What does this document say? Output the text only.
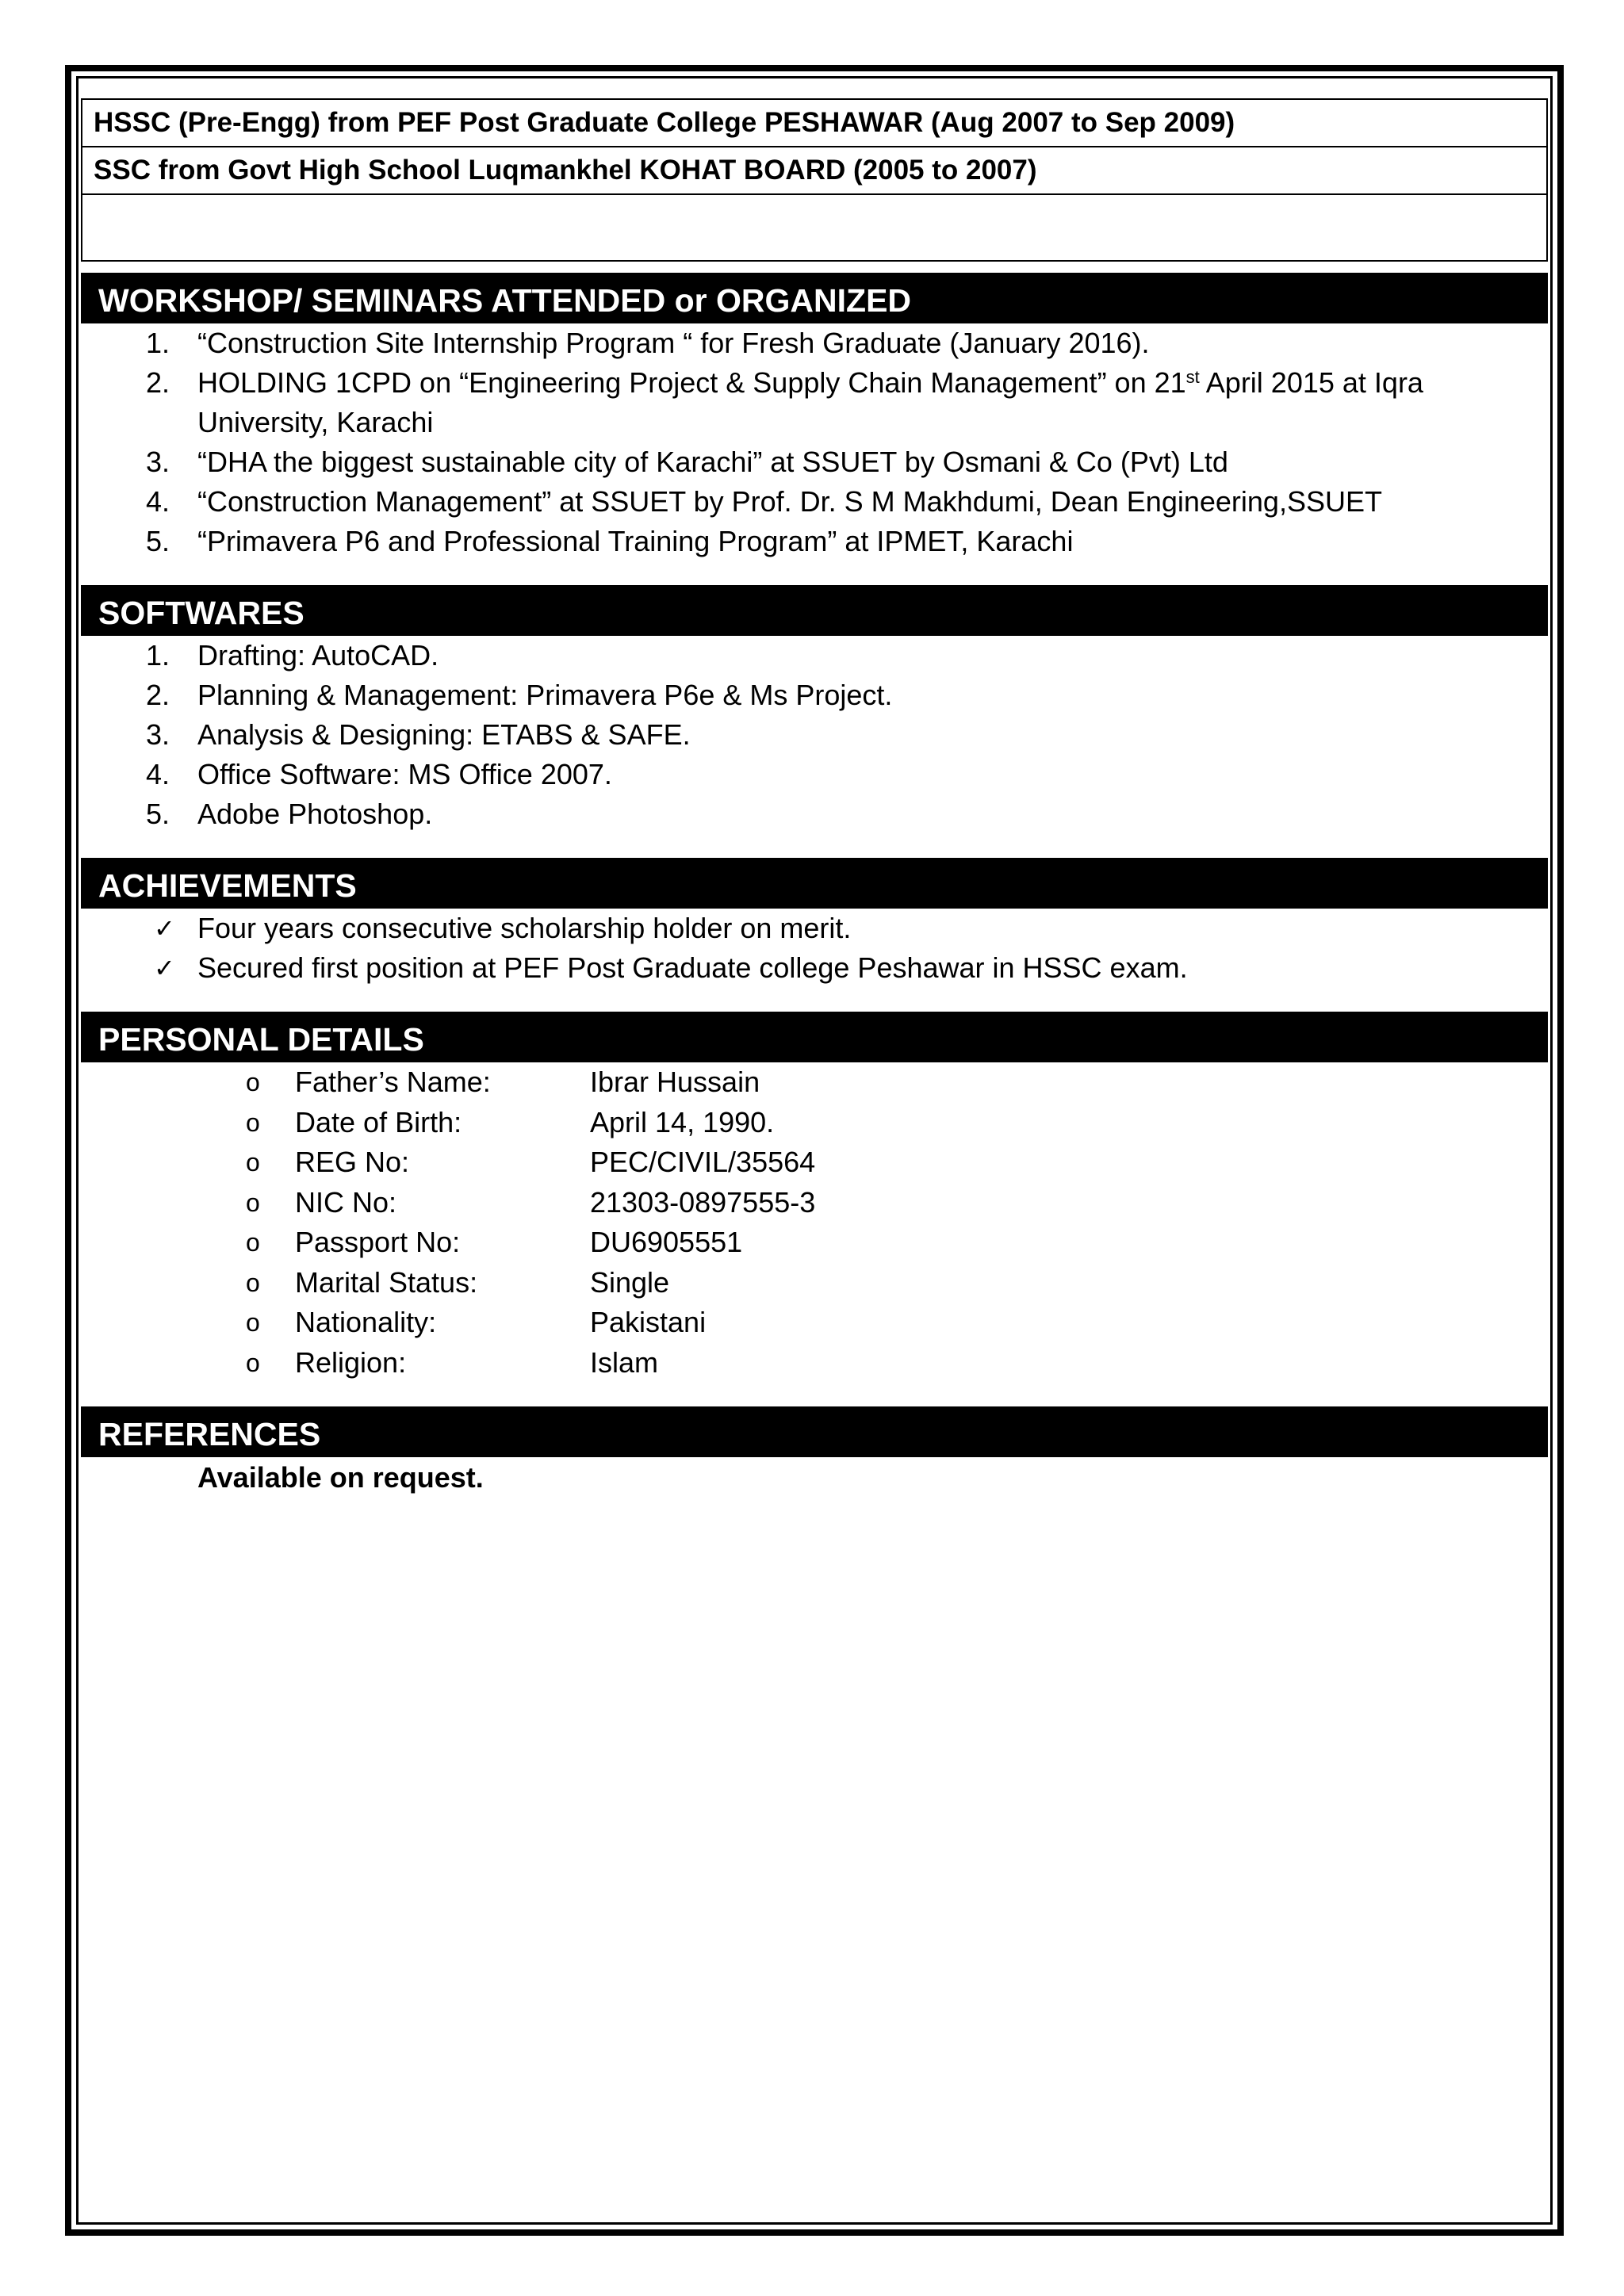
HSSC (Pre-Engg) from PEF Post Graduate College PESHAWAR (Aug 2007 to Sep 2009)
SSC from Govt High School Luqmankhel KOHAT BOARD (2005 to 2007)

WORKSHOP/ SEMINARS ATTENDED or ORGANIZED
1. “Construction Site Internship Program “ for Fresh Graduate (January 2016).
2. HOLDING 1CPD on “Engineering Project & Supply Chain Management” on 21st April 2015 at Iqra
University, Karachi
3. “DHA the biggest sustainable city of Karachi” at SSUET by Osmani & Co (Pvt) Ltd
4. “Construction Management” at SSUET by Prof. Dr. S M Makhdumi, Dean Engineering,SSUET
5. “Primavera P6 and Professional Training Program” at IPMET, Karachi
SOFTWARES
1. Drafting: AutoCAD.
2. Planning & Management: Primavera P6e & Ms Project.
3. Analysis & Designing: ETABS & SAFE.
4. Office Software: MS Office 2007.
5. Adobe Photoshop.
ACHIEVEMENTS
✓ Four years consecutive scholarship holder on merit.
✓ Secured first position at PEF Post Graduate college Peshawar in HSSC exam.
PERSONAL DETAILS
o Father’s Name:	Ibrar Hussain
o Date of Birth:	April 14, 1990.
o REG No:	PEC/CIVIL/35564
o NIC No:	21303-0897555-3
o Passport No:	DU6905551
o Marital Status:	Single
o Nationality:	Pakistani
o Religion:	Islam
REFERENCES
Available on request.
